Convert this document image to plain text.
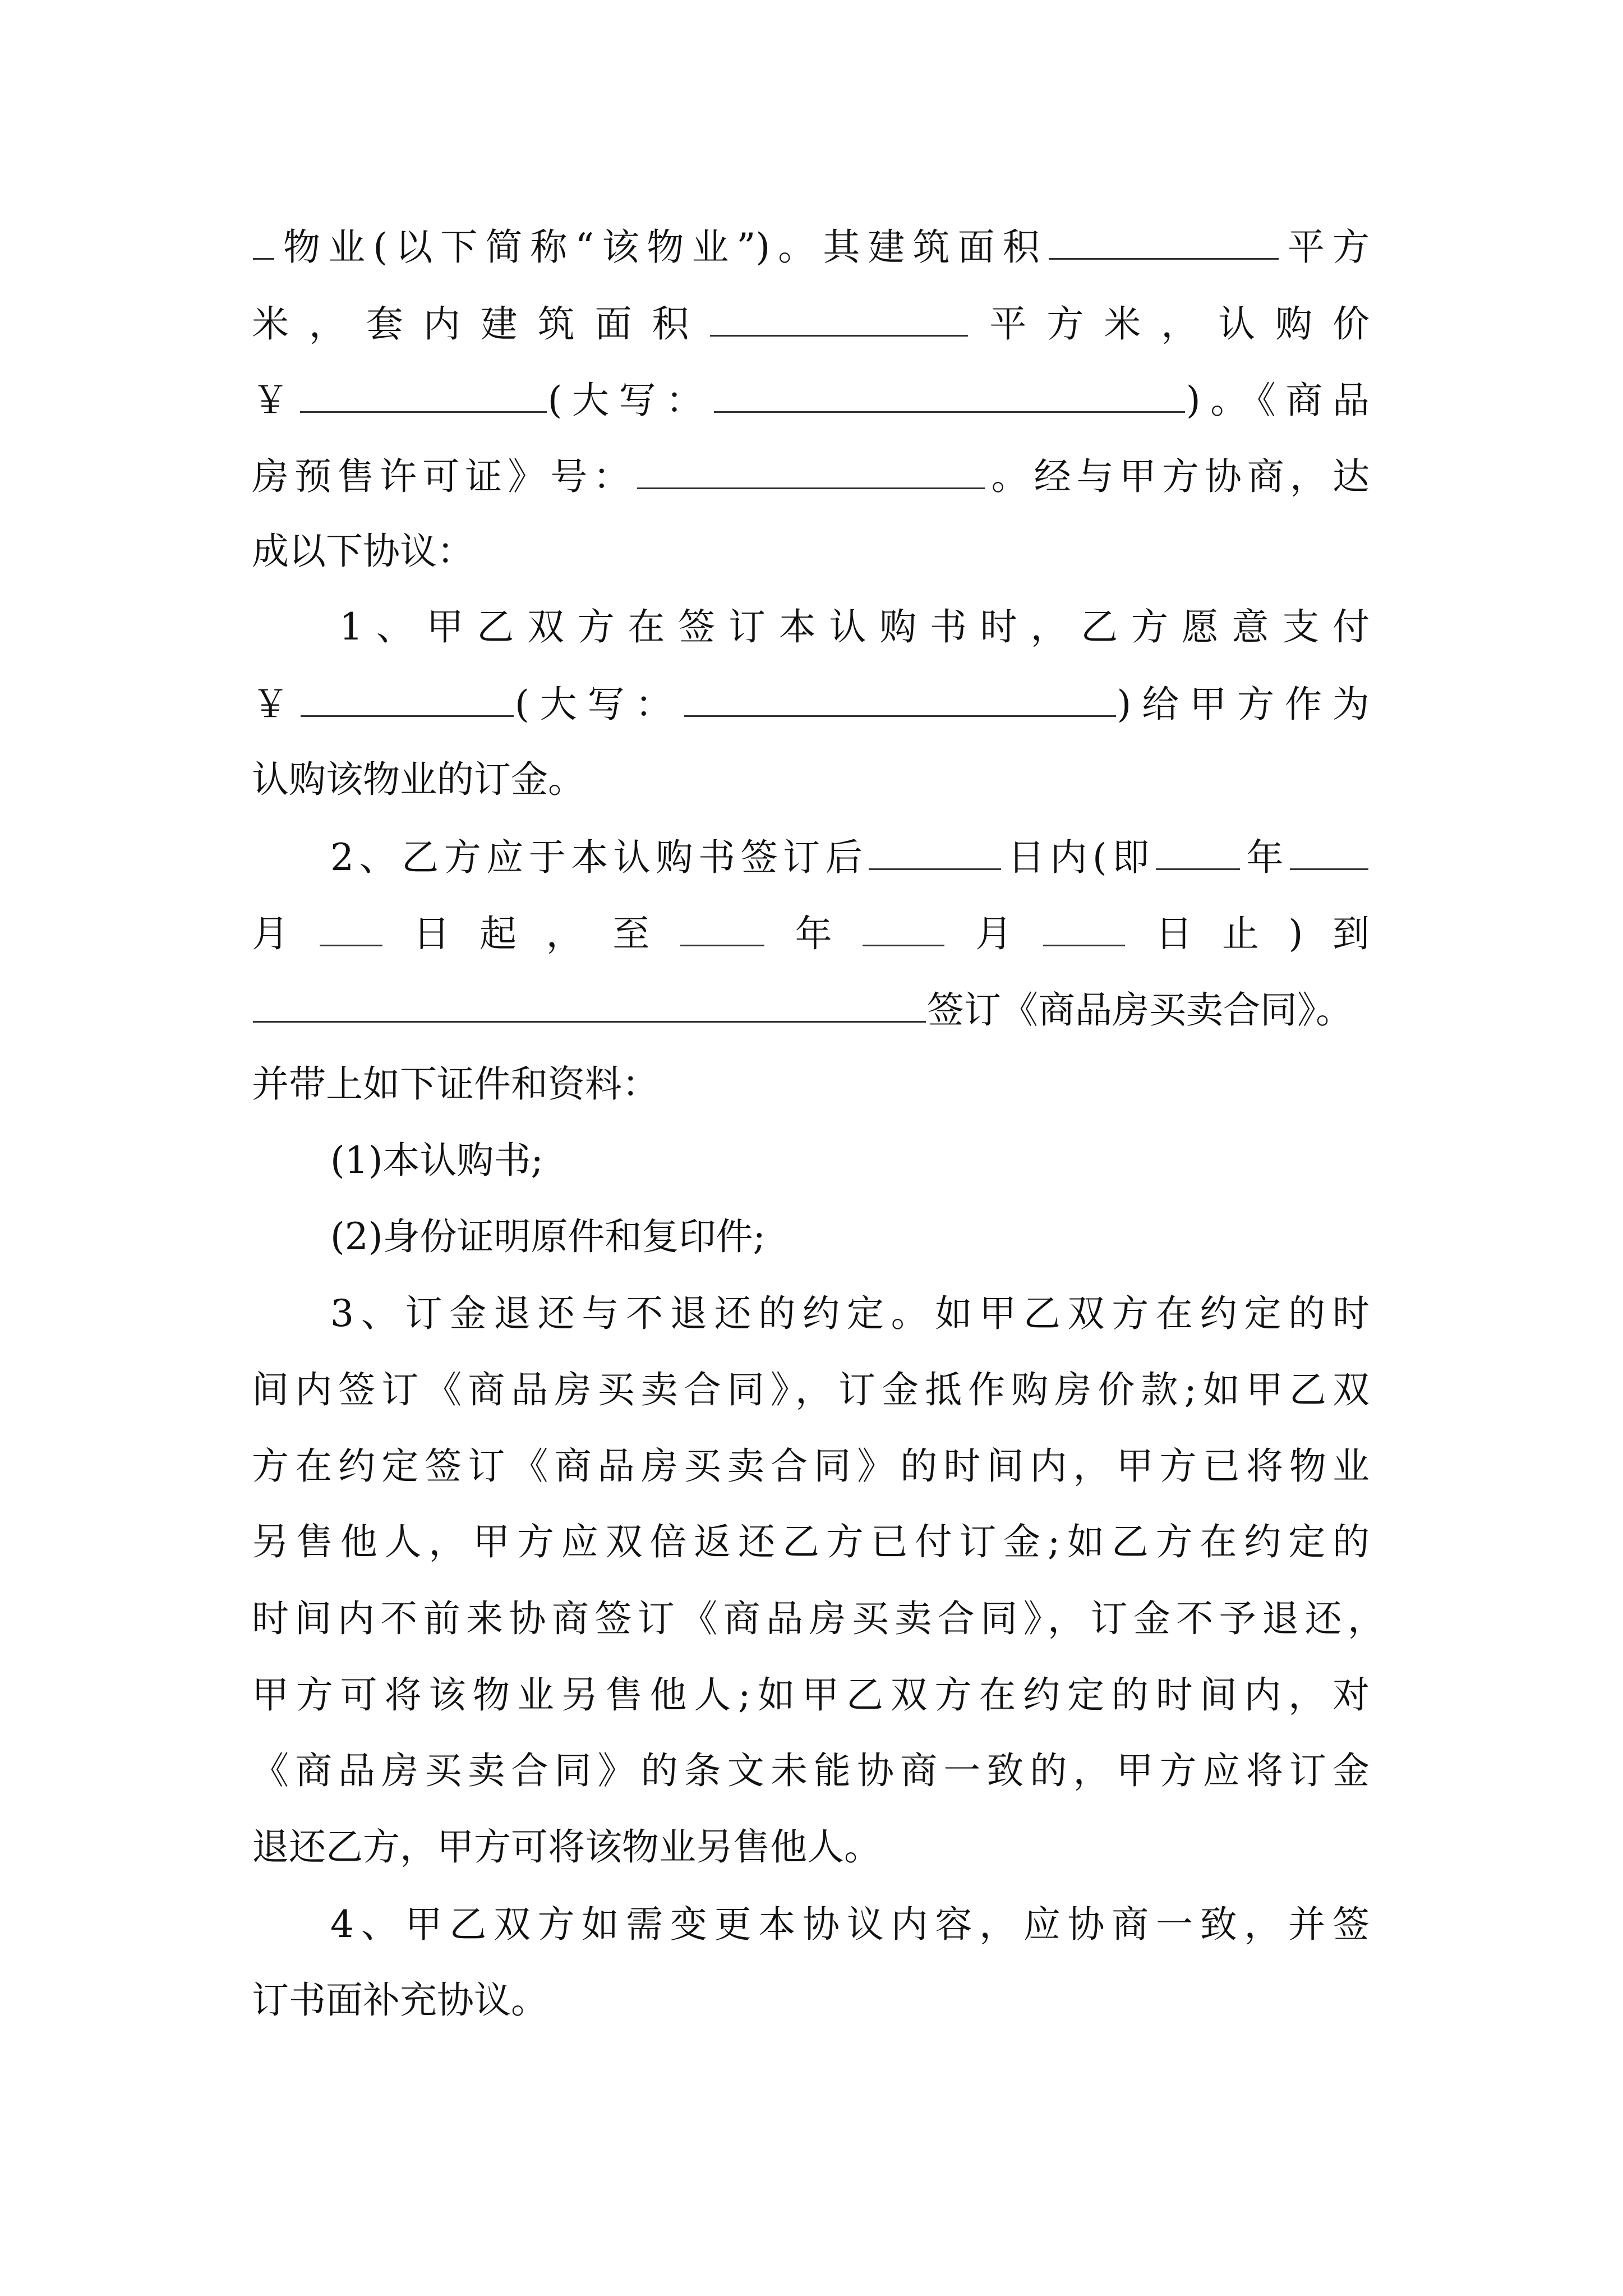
物业(以下简称“该物业”)。其建筑面积	平方
米，套内建筑面积	平方米，认购价
￥	(大写：	)。《商品
房预售许可证》号：	。经与甲方协商，达
成以下协议：
1、甲乙双方在签订本认购书时，乙方愿意支付
￥	(大写：	)给甲方作为
认购该物业的订金。
2、乙方应于本认购书签订后	日内(即 年
月 日起，至 年 月 日止)到
签订《商品房买卖合同》。
并带上如下证件和资料：
(1)本认购书;
(2)身份证明原件和复印件;
3、订金退还与不退还的约定。如甲乙双方在约定的时
间内签订《商品房买卖合同》，订金抵作购房价款;如甲乙双
方在约定签订《商品房买卖合同》的时间内，甲方已将物业
另售他人，甲方应双倍返还乙方已付订金;如乙方在约定的
时间内不前来协商签订《商品房买卖合同》，订金不予退还，
甲方可将该物业另售他人;如甲乙双方在约定的时间内，对
《商品房买卖合同》的条文未能协商一致的，甲方应将订金
退还乙方，甲方可将该物业另售他人。
4、甲乙双方如需变更本协议内容，应协商一致，并签
订书面补充协议。
